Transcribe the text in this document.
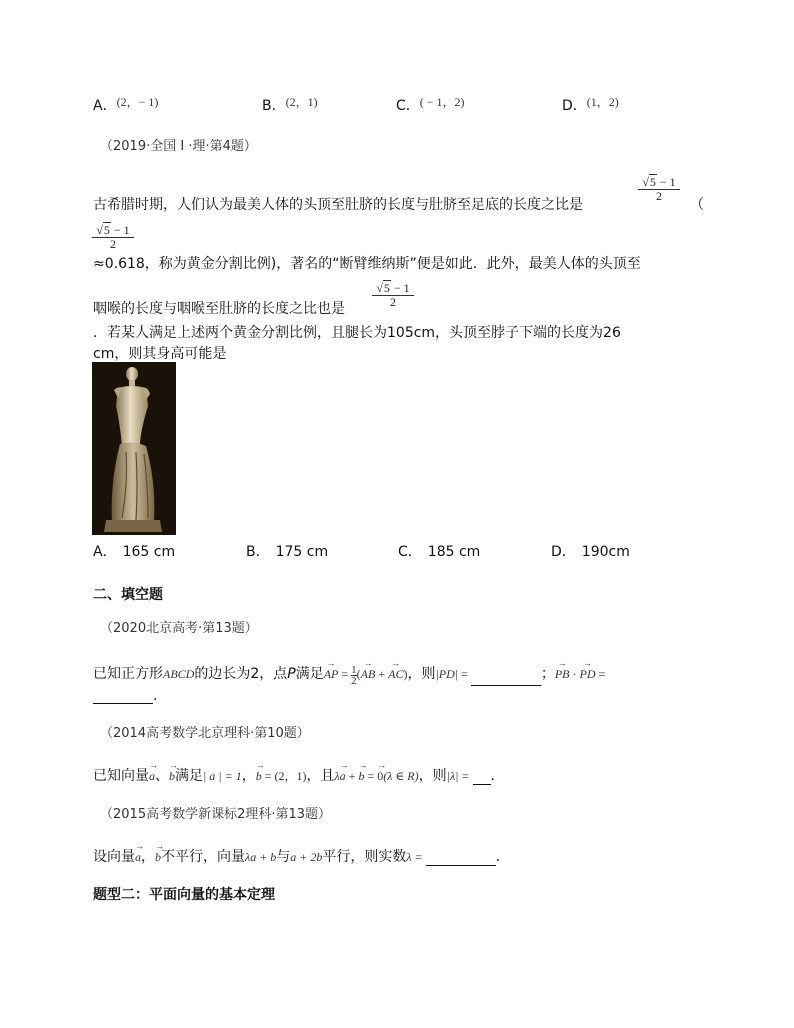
A．(2，− 1)	B．(2，1)	C．( − 1，2)	D．(1，2)
（2019·全国 Ⅰ ·理·第4题）
古希腊时期，人们认为最美人体的头顶至肚脐的长度与肚脐至足底的长度之比是
$\frac{√5 - 1}{2}$
（
$\frac{√5 - 1}{2}$
≈0.618，称为黄金分割比例)，著名的“断臂维纳斯”便是如此．此外，最美人体的头顶至
咽喉的长度与咽喉至肚脐的长度之比也是 $\frac{√5 - 1}{2}$
．若某人满足上述两个黄金分割比例，且腿长为105cm，头顶至脖子下端的长度为26
cm，则其身高可能是
A． 165 cm	B． 175 cm	C． 185 cm	D． 190cm
二、填空题
（2020北京高考·第13题）
已知正方形ABCD的边长为2，点P满足→ AP = $\frac{1}{2}$ (→ AB + → AC)，则|PD| =	；→ PB · → PD =
.
（2014高考数学北京理科·第10题）
已知向量→ a、→ b满足| a | = 1，→ b = (2，1)，且λ→ a + → b = → 0(λ ∈ R)，则|λ| = ．
（2015高考数学新课标2理科·第13题）
设向量→ a，→ b不平行，向量λa + b与a + 2b平行，则实数λ =	．
题型二：平面向量的基本定理
